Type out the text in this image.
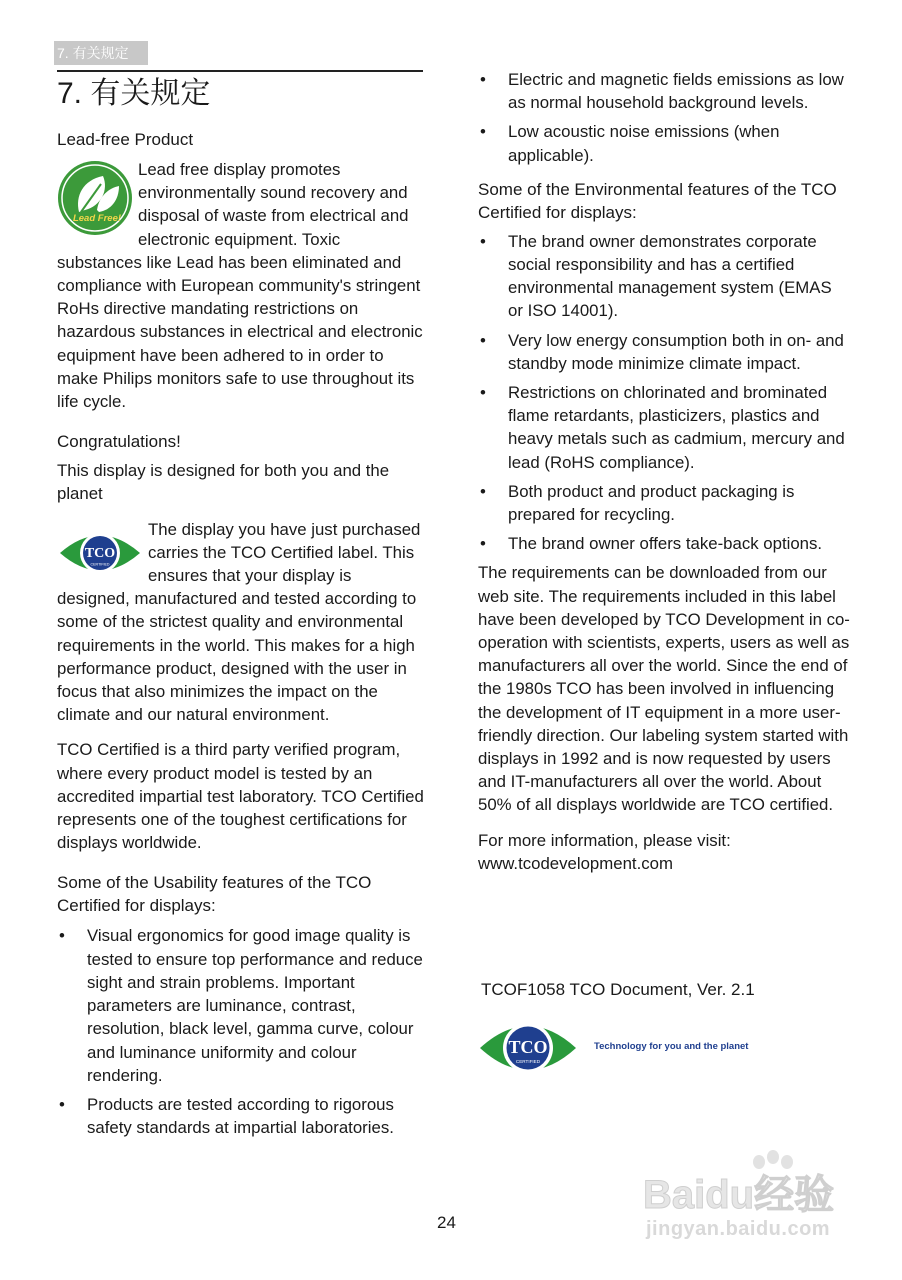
7. 有关规定
7. 有关规定
Lead-free Product
Lead Free!

Lead free display promotes environmentally sound recovery and disposal of waste from electrical and electronic equipment. Toxic substances like Lead has been eliminated and compliance with European community's stringent RoHs directive mandating restrictions on hazardous substances in electrical and electronic equipment have been adhered to in order to make Philips monitors safe to use throughout its life cycle.

Congratulations!

This display is designed for both you and the planet

TCO
CERTIFIED

The display you have just purchased carries the TCO Certified label. This ensures that your display is designed, manufactured and tested according to some of the strictest quality and environmental requirements in the world. This makes for a high performance product, designed with the user in focus that also minimizes the impact on the climate and our natural environment.

TCO Certified is a third party verified program, where every product model is tested by an accredited impartial test laboratory. TCO Certified represents one of the toughest certifications for displays worldwide.

Some of the Usability features of the TCO Certified for displays:
• Visual ergonomics for good image quality is tested to ensure top performance and reduce sight and strain problems. Important parameters are luminance, contrast, resolution, black level, gamma curve, colour and luminance uniformity and colour rendering.
• Products are tested according to rigorous safety standards at impartial laboratories.
• Electric and magnetic fields emissions as low as normal household background levels.
• Low acoustic noise emissions (when applicable).
Some of the Environmental features of the TCO Certified for displays:
• The brand owner demonstrates corporate social responsibility and has a certified environmental management system (EMAS or ISO 14001).
• Very low energy consumption both in on- and standby mode minimize climate impact.
• Restrictions on chlorinated and brominated flame retardants, plasticizers, plastics and heavy metals such as cadmium, mercury and lead (RoHS compliance).
• Both product and product packaging is prepared for recycling.
• The brand owner offers take-back options.

The requirements can be downloaded from our web site. The requirements included in this label have been developed by TCO Development in co-operation with scientists, experts, users as well as manufacturers all over the world. Since the end of the 1980s TCO has been involved in influencing the development of IT equipment in a more user-friendly direction. Our labeling system started with displays in 1992 and is now requested by users and IT-manufacturers all over the world. About 50% of all displays worldwide are TCO certified.

For more information, please visit:

www.tcodevelopment.com

TCOF1058 TCO Document, Ver. 2.1
TCO
CERTIFIED
Technology for you and the planet
24
Baidu经验
jingyan.baidu.com
